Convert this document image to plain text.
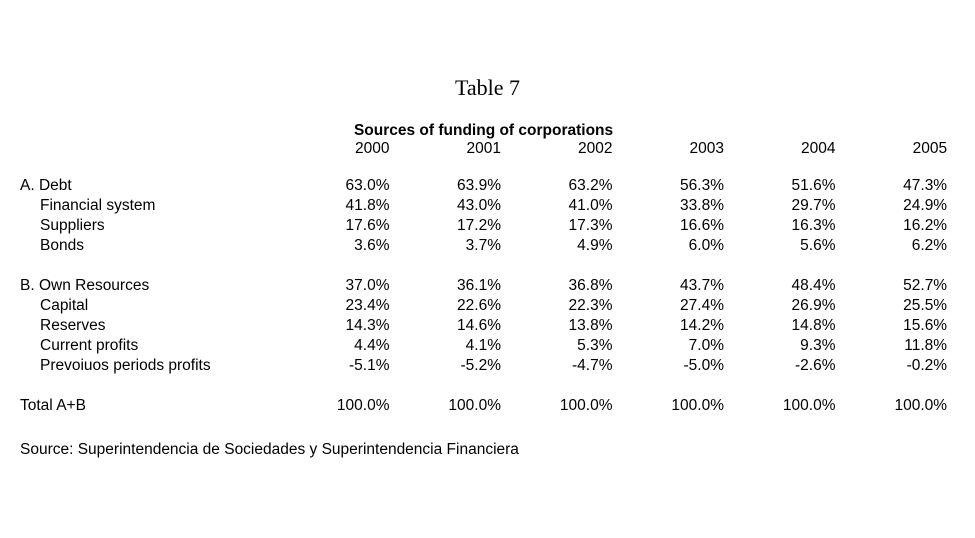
Table 7
Sources of funding of corporations						
	2000	2001	2002	2003	2004	2005

A. Debt	63.0%	63.9%	63.2%	56.3%	51.6%	47.3%
Financial system	41.8%	43.0%	41.0%	33.8%	29.7%	24.9%
Suppliers	17.6%	17.2%	17.3%	16.6%	16.3%	16.2%
Bonds	3.6%	3.7%	4.9%	6.0%	5.6%	6.2%

B. Own Resources	37.0%	36.1%	36.8%	43.7%	48.4%	52.7%
Capital	23.4%	22.6%	22.3%	27.4%	26.9%	25.5%
Reserves	14.3%	14.6%	13.8%	14.2%	14.8%	15.6%
Current profits	4.4%	4.1%	5.3%	7.0%	9.3%	11.8%
Prevoiuos periods profits	-5.1%	-5.2%	-4.7%	-5.0%	-2.6%	-0.2%

Total A+B	100.0%	100.0%	100.0%	100.0%	100.0%	100.0%
Source: Superintendencia de Sociedades y Superintendencia Financiera
